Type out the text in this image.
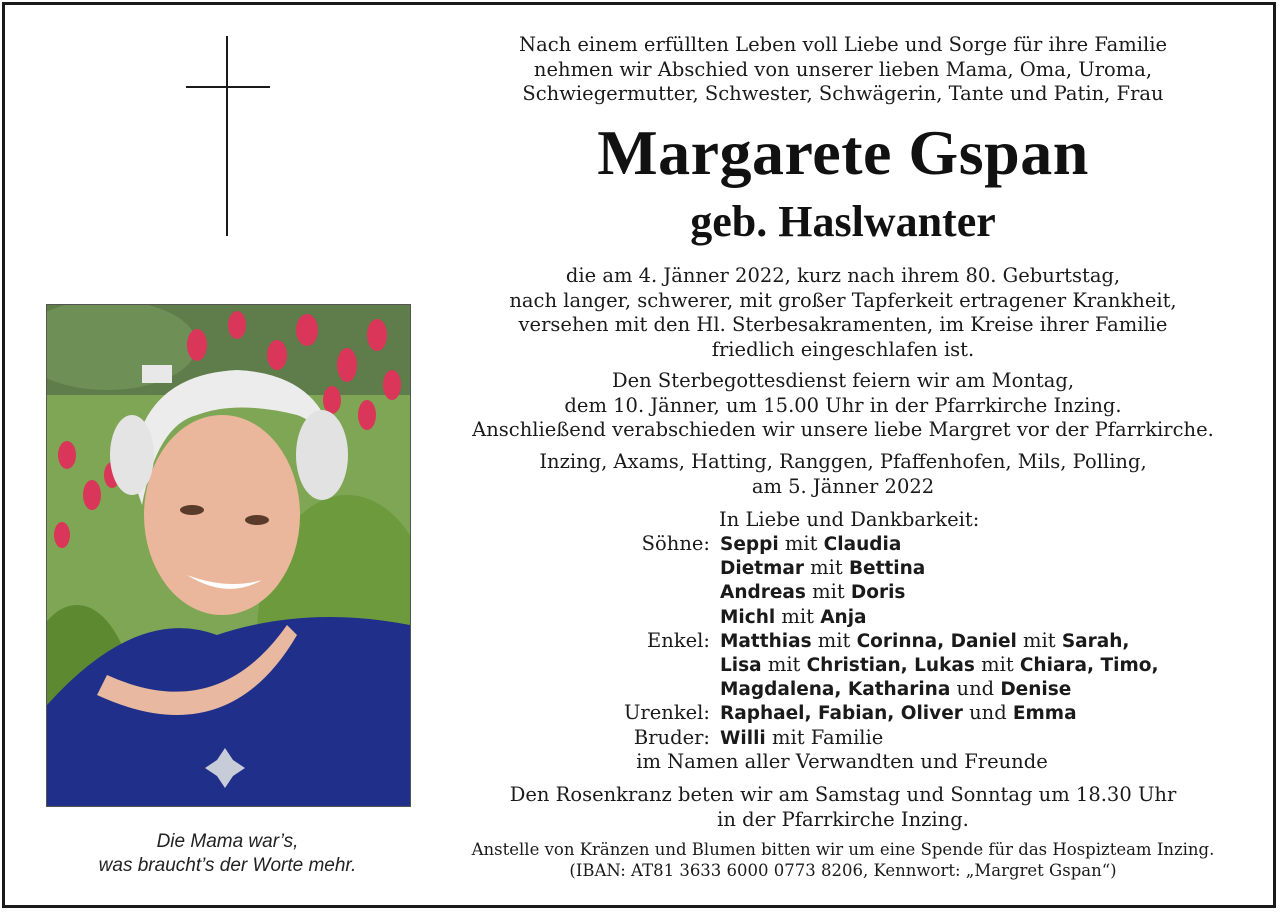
Die Mama war’s,
was braucht’s der Worte mehr.
Nach einem erfüllten Leben voll Liebe und Sorge für ihre Familie
nehmen wir Abschied von unserer lieben Mama, Oma, Uroma,
Schwiegermutter, Schwester, Schwägerin, Tante und Patin, Frau
Margarete Gspan
geb. Haslwanter
die am 4. Jänner 2022, kurz nach ihrem 80. Geburtstag,
nach langer, schwerer, mit großer Tapferkeit ertragener Krankheit,
versehen mit den Hl. Sterbesakramenten, im Kreise ihrer Familie
friedlich eingeschlafen ist.
Den Sterbegottesdienst feiern wir am Montag,
dem 10. Jänner, um 15.00 Uhr in der Pfarrkirche Inzing.
Anschließend verabschieden wir unsere liebe Margret vor der Pfarrkirche.
Inzing, Axams, Hatting, Ranggen, Pfaffenhofen, Mils, Polling,
am 5. Jänner 2022
In Liebe und Dankbarkeit:
Söhne: Seppi mit Claudia
Dietmar mit Bettina
Andreas mit Doris
Michl mit Anja
Enkel: Matthias mit Corinna, Daniel mit Sarah,
Lisa mit Christian, Lukas mit Chiara, Timo,
Magdalena, Katharina und Denise
Urenkel: Raphael, Fabian, Oliver und Emma
Bruder: Willi mit Familie
im Namen aller Verwandten und Freunde
Den Rosenkranz beten wir am Samstag und Sonntag um 18.30 Uhr
in der Pfarrkirche Inzing.
Anstelle von Kränzen und Blumen bitten wir um eine Spende für das Hospizteam Inzing.
(IBAN: AT81 3633 6000 0773 8206, Kennwort: „Margret Gspan“)
